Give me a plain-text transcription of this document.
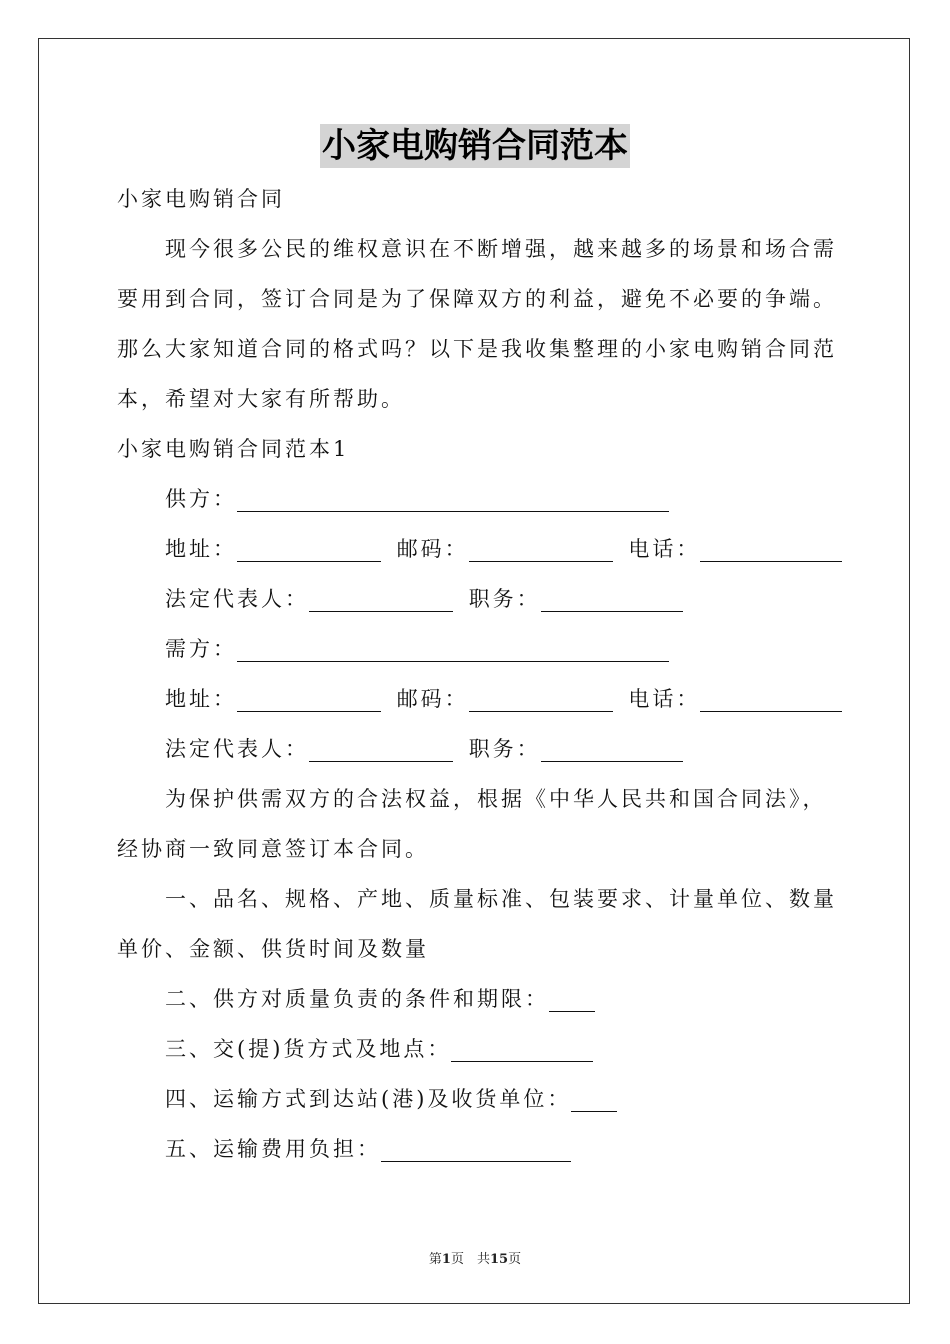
小家电购销合同范本
小家电购销合同
现今很多公民的维权意识在不断增强，越来越多的场景和场合需
要用到合同，签订合同是为了保障双方的利益，避免不必要的争端。
那么大家知道合同的格式吗？以下是我收集整理的小家电购销合同范
本，希望对大家有所帮助。
小家电购销合同范本1
供方：
地址：	邮码：	电话：
法定代表人：	职务：
需方：
地址：	邮码：	电话：
法定代表人：	职务：
为保护供需双方的合法权益，根据《中华人民共和国合同法》，
经协商一致同意签订本合同。
一、品名、规格、产地、质量标准、包装要求、计量单位、数量
单价、金额、供货时间及数量
二、供方对质量负责的条件和期限：
三、交(提)货方式及地点：
四、运输方式到达站(港)及收货单位：
五、运输费用负担：
第1页　共15页
